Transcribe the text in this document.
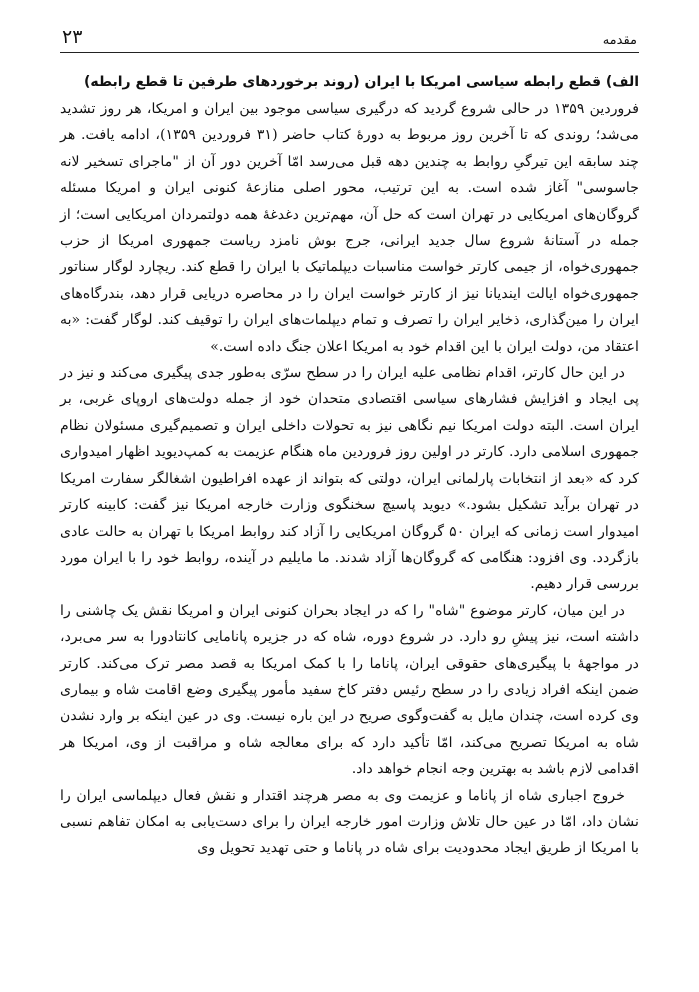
مقدمه
۲۳
الف) قطع رابطه سیاسی امریکا با ایران (روند برخوردهای طرفین تا قطع رابطه)

فروردین ۱۳۵۹ در حالی شروع گردید که درگیری سیاسی موجود بین ایران و امریکا، هر روز تشدید می‌شد؛ روندی که تا آخرین روز مربوط به دورهٔ کتاب حاضر (۳۱ فروردین ۱۳۵۹)، ادامه یافت. هر چند سابقه این تیرگیِ روابط به چندین دهه قبل می‌رسد امّا آخرین دور آن از "ماجرای تسخیر لانه جاسوسی" آغاز شده است. به این ترتیب، محور اصلی منازعهٔ کنونی ایران و امریکا مسئله گروگان‌های امریکایی در تهران است که حل آن، مهم‌ترین دغدغهٔ همه دولتمردان امریکایی است؛ از جمله در آستانهٔ شروع سال جدید ایرانی، جرج بوش نامزد ریاست جمهوری امریکا از حزب جمهوری‌خواه، از جیمی کارتر خواست مناسبات دیپلماتیک با ایران را قطع کند. ریچارد لوگار سناتور جمهوری‌خواه ایالت ایندیانا نیز از کارتر خواست ایران را در محاصره دریایی قرار دهد، بندرگاه‌های ایران را مین‌گذاری، ذخایر ایران را تصرف و تمام دیپلمات‌های ایران را توقیف کند. لوگار گفت: «به اعتقاد من، دولت ایران با این اقدام خود به امریکا اعلان جنگ داده است.»

در این حال کارتر، اقدام نظامی علیه ایران را در سطح سرّی به‌طور جدی پیگیری می‌کند و نیز در پی ایجاد و افزایش فشارهای سیاسی اقتصادی متحدان خود از جمله دولت‌های اروپای غربی، بر ایران است. البته دولت امریکا نیم نگاهی نیز به تحولات داخلی ایران و تصمیم‌گیری مسئولان نظام جمهوری اسلامی دارد. کارتر در اولین روز فروردین ماه هنگام عزیمت به کمپ‌دیوید اظهار امیدواری کرد که «بعد از انتخابات پارلمانی ایران، دولتی که بتواند از عهده افراطیون اشغالگر سفارت امریکا در تهران برآید تشکیل بشود.» دیوید پاسیچ سخنگوی وزارت خارجه امریکا نیز گفت: کابینه کارتر امیدوار است زمانی که ایران ۵۰ گروگان امریکایی را آزاد کند روابط امریکا با تهران به حالت عادی بازگردد. وی افزود: هنگامی که گروگان‌ها آزاد شدند. ما مایلیم در آینده، روابط خود را با ایران مورد بررسی قرار دهیم.

در این میان، کارتر موضوع "شاه" را که در ایجاد بحران کنونی ایران و امریکا نقش یک چاشنی را داشته است، نیز پیشِ رو دارد. در شروع دوره، شاه که در جزیره پانامایی کانتادورا به سر می‌برد، در مواجههٔ با پیگیری‌های حقوقی ایران، پاناما را با کمک امریکا به قصد مصر ترک می‌کند. کارتر ضمن اینکه افراد زیادی را در سطح رئیس دفتر کاخ سفید مأمور پیگیری وضع اقامت شاه و بیماری وی کرده است، چندان مایل به گفت‌وگوی صریح در این باره نیست. وی در عین اینکه بر وارد نشدن شاه به امریکا تصریح می‌کند، امّا تأکید دارد که برای معالجه شاه و مراقبت از وی، امریکا هر اقدامی لازم باشد به بهترین وجه انجام خواهد داد.

خروج اجباری شاه از پاناما و عزیمت وی به مصر هرچند اقتدار و نقش فعال دیپلماسی ایران را نشان داد، امّا در عین حال تلاش وزارت امور خارجه ایران را برای دست‌یابی به امکان تفاهم نسبی با امریکا از طریق ایجاد محدودیت برای شاه در پاناما و حتی تهدید تحویل وی
